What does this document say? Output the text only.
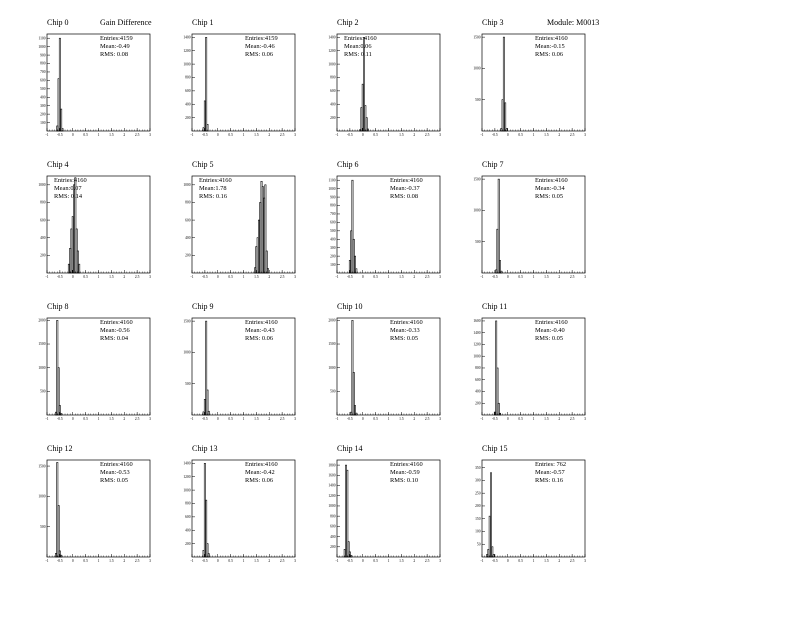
Gain Difference	Module: M0013
Chip 0
-1 -0.5	0	0.5	1	1.5	2	2.5	3
100
200
300
400
500
600
700
800
900
1000
1100	Entries:4159
Mean:-0.49
RMS: 0.08
Chip 1
-1 -0.5	0	0.5	1	1.5	2	2.5	3
200
400
600
800
1000
1200
1400	Entries:4159
Mean:-0.46
RMS: 0.06
Chip 2
-1 -0.5	0	0.5	1	1.5	2	2.5	3
200
400
600
800
1000
1200
1400 Entries:4160
Mean:0.06
RMS: 0.11
Chip 3
-1 -0.5	0	0.5	1	1.5	2	2.5	3
500
1000
1500	Entries:4160
Mean:-0.15
RMS: 0.06
Chip 4
-1 -0.5	0	0.5	1	1.5	2	2.5	3
200
400
600
800
1000
Entries:4160
Mean:0.07
RMS: 0.14
Chip 5
-1 -0.5	0	0.5	1	1.5	2	2.5	3
200
400
600
800
1000
Entries:4160
Mean:1.78
RMS: 0.16
Chip 6
-1 -0.5	0	0.5	1	1.5	2	2.5	3
100
200
300
400
500
600
700
800
900
1000
1100	Entries:4160
Mean:-0.37
RMS: 0.08
Chip 7
-1 -0.5	0	0.5	1	1.5	2	2.5	3
500
1000
1500	Entries:4160
Mean:-0.34
RMS: 0.05
Chip 8
-1 -0.5	0	0.5	1	1.5	2	2.5	3
500
1000
1500
2000	Entries:4160
Mean:-0.56
RMS: 0.04
Chip 9
-1 -0.5	0	0.5	1	1.5	2	2.5	3
500
1000
1500	Entries:4160
Mean:-0.43
RMS: 0.06
Chip 10
-1 -0.5	0	0.5	1	1.5	2	2.5	3
500
1000
1500
2000	Entries:4160
Mean:-0.33
RMS: 0.05
Chip 11
-1 -0.5	0	0.5	1	1.5	2	2.5	3
200
400
600
800
1000
1200
1400
1600	Entries:4160
Mean:-0.40
RMS: 0.05
Chip 12
-1 -0.5	0	0.5	1	1.5	2	2.5	3
500
1000
1500	Entries:4160
Mean:-0.53
RMS: 0.05
Chip 13
-1 -0.5	0	0.5	1	1.5	2	2.5	3
200
400
600
800
1000
1200
1400	Entries:4160
Mean:-0.42
RMS: 0.06
Chip 14
-1 -0.5	0	0.5	1	1.5	2	2.5	3
200
400
600
800
1000
1200
1400
1600
1800	Entries:4160
Mean:-0.59
RMS: 0.10
Chip 15
-1 -0.5	0	0.5	1	1.5	2	2.5	3
50
100
150
200
250
300
350	Entries: 762
Mean:-0.57
RMS: 0.16
